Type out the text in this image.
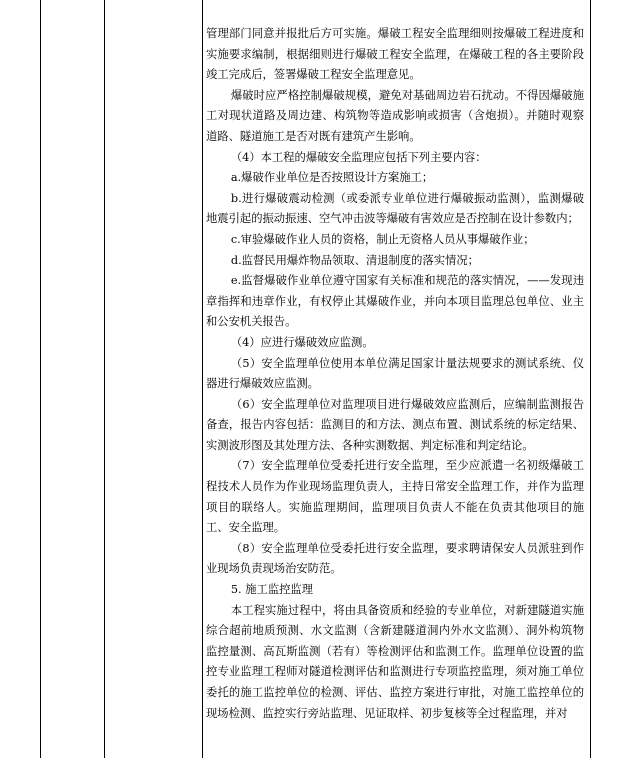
管理部门同意并报批后方可实施。爆破工程安全监理细则按爆破工程进度和实施要求编制，根据细则进行爆破工程安全监理，在爆破工程的各主要阶段竣工完成后，签署爆破工程安全监理意见。

爆破时应严格控制爆破规模，避免对基础周边岩石扰动。不得因爆破施工对现状道路及周边建、构筑物等造成影响或损害（含炮损）。并随时观察道路、隧道施工是否对既有建筑产生影响。

（4）本工程的爆破安全监理应包括下列主要内容：

a.爆破作业单位是否按照设计方案施工；

b.进行爆破震动检测（或委派专业单位进行爆破振动监测），监测爆破地震引起的振动振速、空气冲击波等爆破有害效应是否控制在设计参数内；

c.审验爆破作业人员的资格，制止无资格人员从事爆破作业；

d.监督民用爆炸物品领取、清退制度的落实情况；

e.监督爆破作业单位遵守国家有关标准和规范的落实情况，——发现违章指挥和违章作业，有权停止其爆破作业，并向本项目监理总包单位、业主和公安机关报告。

（4）应进行爆破效应监测。

（5）安全监理单位使用本单位满足国家计量法规要求的测试系统、仪器进行爆破效应监测。

（6）安全监理单位对监理项目进行爆破效应监测后，应编制监测报告备查，报告内容包括：监测目的和方法、测点布置、测试系统的标定结果、实测波形图及其处理方法、各种实测数据、判定标准和判定结论。

（7）安全监理单位受委托进行安全监理，至少应派遣一名初级爆破工程技术人员作为作业现场监理负责人，主持日常安全监理工作，并作为监理项目的联络人。实施监理期间，监理项目负责人不能在负责其他项目的施工、安全监理。

（8）安全监理单位受委托进行安全监理，要求聘请保安人员派驻到作业现场负责现场治安防范。

5. 施工监控监理

本工程实施过程中，将由具备资质和经验的专业单位，对新建隧道实施综合超前地质预测、水文监测（含新建隧道洞内外水文监测）、洞外构筑物监控量测、高瓦斯监测（若有）等检测评估和监测工作。监理单位设置的监控专业监理工程师对隧道检测评估和监测进行专项监控监理，须对施工单位委托的施工监控单位的检测、评估、监控方案进行审批，对施工监控单位的现场检测、监控实行旁站监理、见证取样、初步复核等全过程监理，并对
